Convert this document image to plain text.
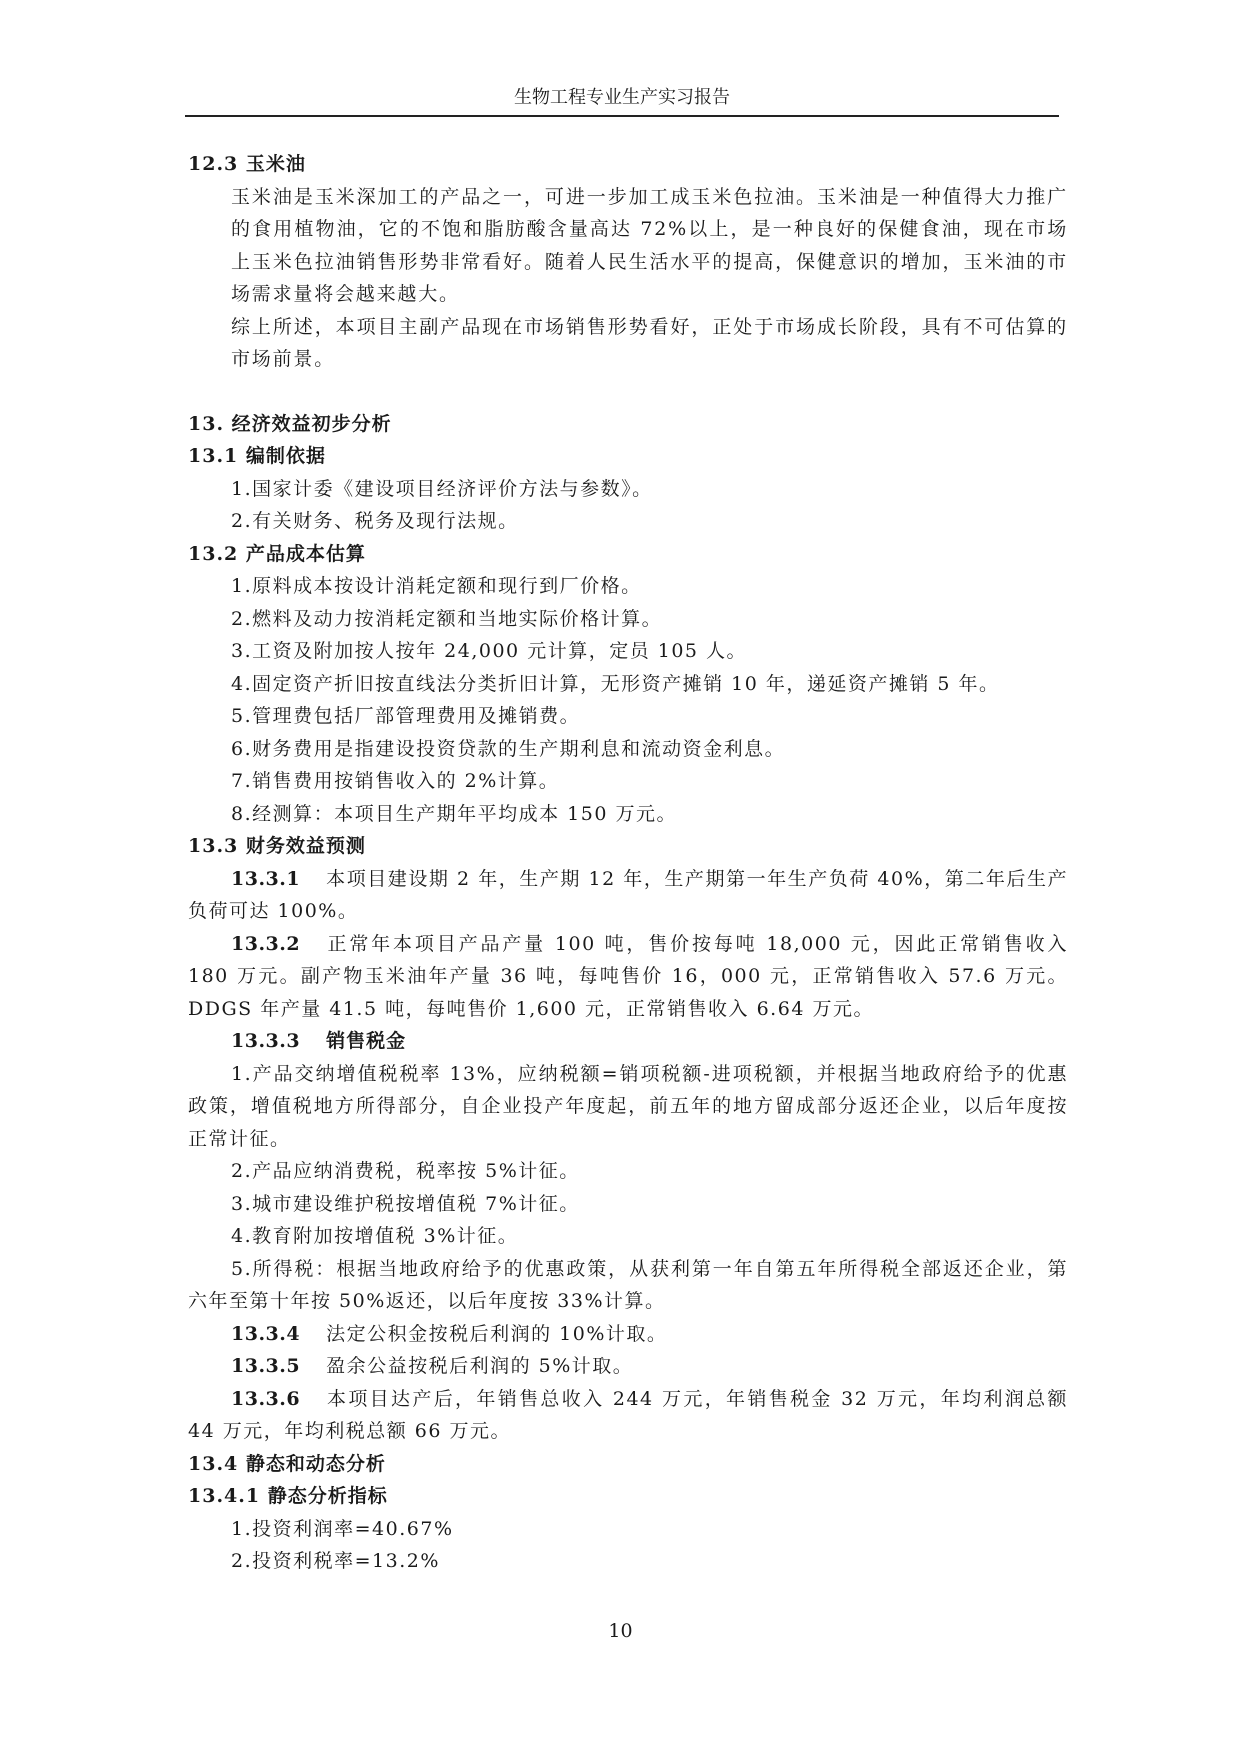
生物工程专业生产实习报告

12.3 玉米油

玉米油是玉米深加工的产品之一，可进一步加工成玉米色拉油。玉米油是一种值得大力推广的食用植物油，它的不饱和脂肪酸含量高达 72%以上，是一种良好的保健食油，现在市场上玉米色拉油销售形势非常看好。随着人民生活水平的提高，保健意识的增加，玉米油的市场需求量将会越来越大。

综上所述，本项目主副产品现在市场销售形势看好，正处于市场成长阶段，具有不可估算的市场前景。

13. 经济效益初步分析

13.1 编制依据

1.国家计委《建设项目经济评价方法与参数》。

2.有关财务、税务及现行法规。

13.2 产品成本估算

1.原料成本按设计消耗定额和现行到厂价格。

2.燃料及动力按消耗定额和当地实际价格计算。

3.工资及附加按人按年 24,000 元计算，定员 105 人。

4.固定资产折旧按直线法分类折旧计算，无形资产摊销 10 年，递延资产摊销 5 年。

5.管理费包括厂部管理费用及摊销费。

6.财务费用是指建设投资贷款的生产期利息和流动资金利息。

7.销售费用按销售收入的 2%计算。

8.经测算：本项目生产期年平均成本 150 万元。

13.3 财务效益预测

13.3.1 本项目建设期 2 年，生产期 12 年，生产期第一年生产负荷 40%，第二年后生产负荷可达 100%。

13.3.2 正常年本项目产品产量 100 吨，售价按每吨 18,000 元，因此正常销售收入 180 万元。副产物玉米油年产量 36 吨，每吨售价 16，000 元，正常销售收入 57.6 万元。DDGS 年产量 41.5 吨，每吨售价 1,600 元，正常销售收入 6.64 万元。

13.3.3 销售税金

1.产品交纳增值税税率 13%，应纳税额=销项税额-进项税额，并根据当地政府给予的优惠政策，增值税地方所得部分，自企业投产年度起，前五年的地方留成部分返还企业，以后年度按正常计征。

2.产品应纳消费税，税率按 5%计征。

3.城市建设维护税按增值税 7%计征。

4.教育附加按增值税 3%计征。

5.所得税：根据当地政府给予的优惠政策，从获利第一年自第五年所得税全部返还企业，第六年至第十年按 50%返还，以后年度按 33%计算。

13.3.4 法定公积金按税后利润的 10%计取。

13.3.5 盈余公益按税后利润的 5%计取。

13.3.6 本项目达产后，年销售总收入 244 万元，年销售税金 32 万元，年均利润总额 44 万元，年均利税总额 66 万元。

13.4 静态和动态分析

13.4.1 静态分析指标

1.投资利润率=40.67%

2.投资利税率=13.2%

10
